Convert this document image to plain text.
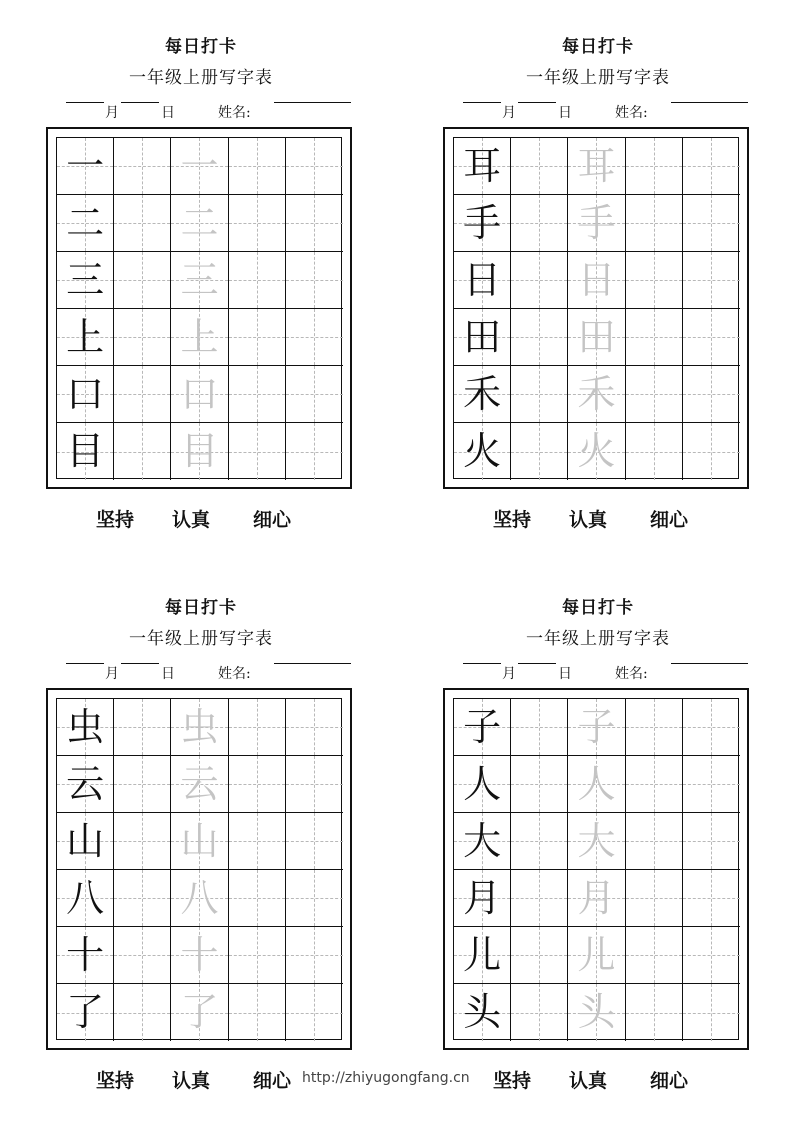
每日打卡
一年级上册写字表
月	日	姓名:
一 一
二 二
三 三
上 上
口 口
目 目
坚持 认真 细心
每日打卡
一年级上册写字表
月	日	姓名:
耳 耳
手 手
日 日
田 田
禾 禾
火 火
坚持 认真 细心
每日打卡
一年级上册写字表
月	日	姓名:
虫 虫
云 云
山 山
八 八
十 十
了 了
坚持 认真 细心
每日打卡
一年级上册写字表
月	日	姓名:
子 子
人 人
大 大
月 月
儿 儿
头 头
坚持 认真 细心
http://zhiyugongfang.cn
